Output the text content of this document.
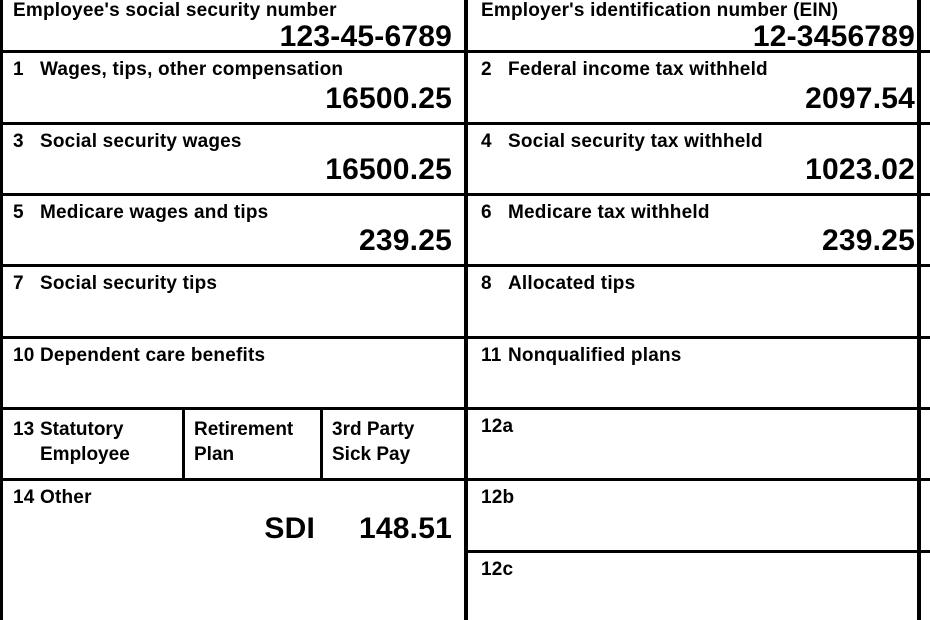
Employee's social security number
123-45-6789
1 Wages, tips, other compensation
16500.25
3 Social security wages
16500.25
5 Medicare wages and tips
239.25
7 Social security tips
10 Dependent care benefits
13 Statutory
Employee
Retirement
Plan
3rd Party
Sick Pay
14 Other
SDI 148.51
Employer's identification number (EIN)
12-3456789
2 Federal income tax withheld
2097.54
4 Social security tax withheld
1023.02
6 Medicare tax withheld
239.25
8 Allocated tips
11 Nonqualified plans
12a
12b
12c
